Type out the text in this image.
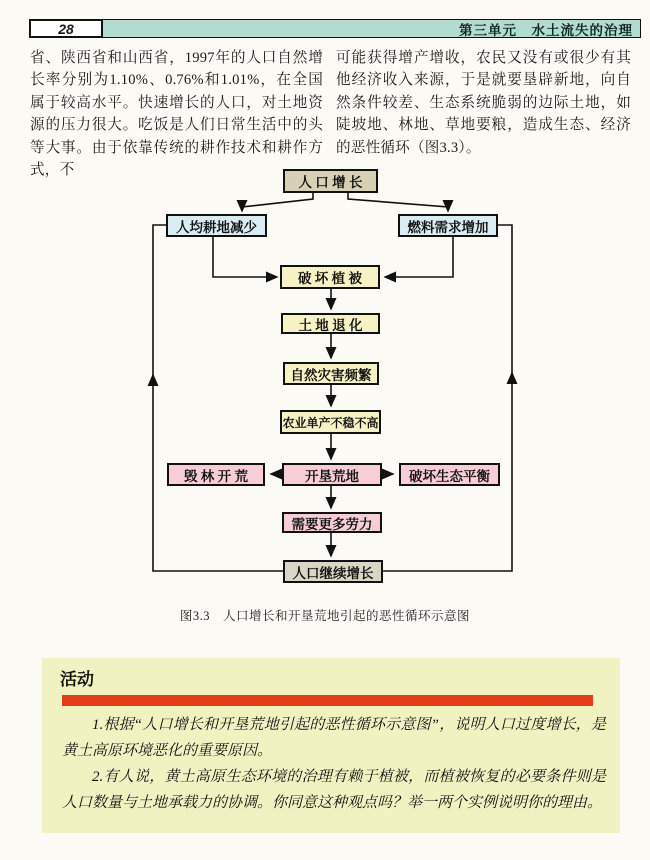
28	第三单元　水土流失的治理
省、陕西省和山西省，1997年的人口自然增长率分别为1.10%、0.76%和1.01%，在全国属于较高水平。快速增长的人口，对土地资源的压力很大。吃饭是人们日常生活中的头等大事。由于依靠传统的耕作技术和耕作方式，不
可能获得增产增收，农民又没有或很少有其他经济收入来源，于是就要垦辟新地，向自然条件较差、生态系统脆弱的边际土地，如陡坡地、林地、草地要粮，造成生态、经济的恶性循环（图3.3）。
人 口 增 长
人均耕地减少	燃料需求增加
破 坏 植 被
土 地 退 化
自然灾害频繁
农业单产不稳不高
毁 林 开 荒	开垦荒地	破坏生态平衡
需要更多劳力
人口继续增长
图3.3　人口增长和开垦荒地引起的恶性循环示意图
活动

1.根据“人口增长和开垦荒地引起的恶性循环示意图”，说明人口过度增长，是黄土高原环境恶化的重要原因。

2.有人说，黄土高原生态环境的治理有赖于植被，而植被恢复的必要条件则是人口数量与土地承载力的协调。你同意这种观点吗？举一两个实例说明你的理由。
